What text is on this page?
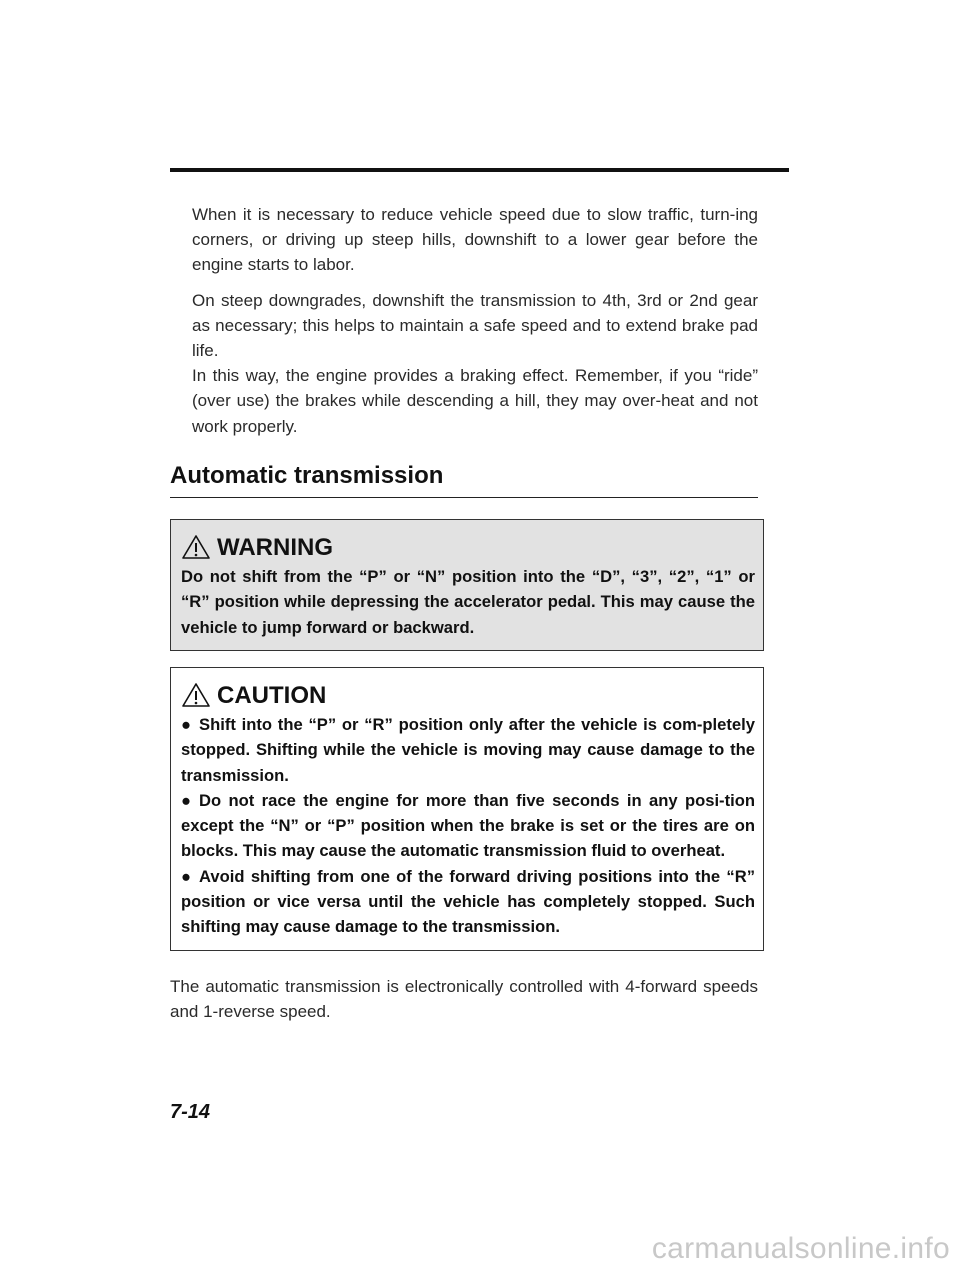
When it is necessary to reduce vehicle speed due to slow traffic, turn-ing corners, or driving up steep hills, downshift to a lower gear before the engine starts to labor.

On steep downgrades, downshift the transmission to 4th, 3rd or 2nd gear as necessary; this helps to maintain a safe speed and to extend brake pad life.

In this way, the engine provides a braking effect. Remember, if you “ride” (over use) the brakes while descending a hill, they may over-heat and not work properly.

Automatic transmission
WARNING

Do not shift from the “P” or “N” position into the “D”, “3”, “2”, “1” or “R” position while depressing the accelerator pedal. This may cause the vehicle to jump forward or backward.

CAUTION

● Shift into the “P” or “R” position only after the vehicle is com-pletely stopped. Shifting while the vehicle is moving may cause damage to the transmission.

● Do not race the engine for more than five seconds in any posi-tion except the “N” or “P” position when the brake is set or the tires are on blocks. This may cause the automatic transmission fluid to overheat.

● Avoid shifting from one of the forward driving positions into the “R” position or vice versa until the vehicle has completely stopped. Such shifting may cause damage to the transmission.

The automatic transmission is electronically controlled with 4-forward speeds and 1-reverse speed.

7-14
carmanualsonline.info
